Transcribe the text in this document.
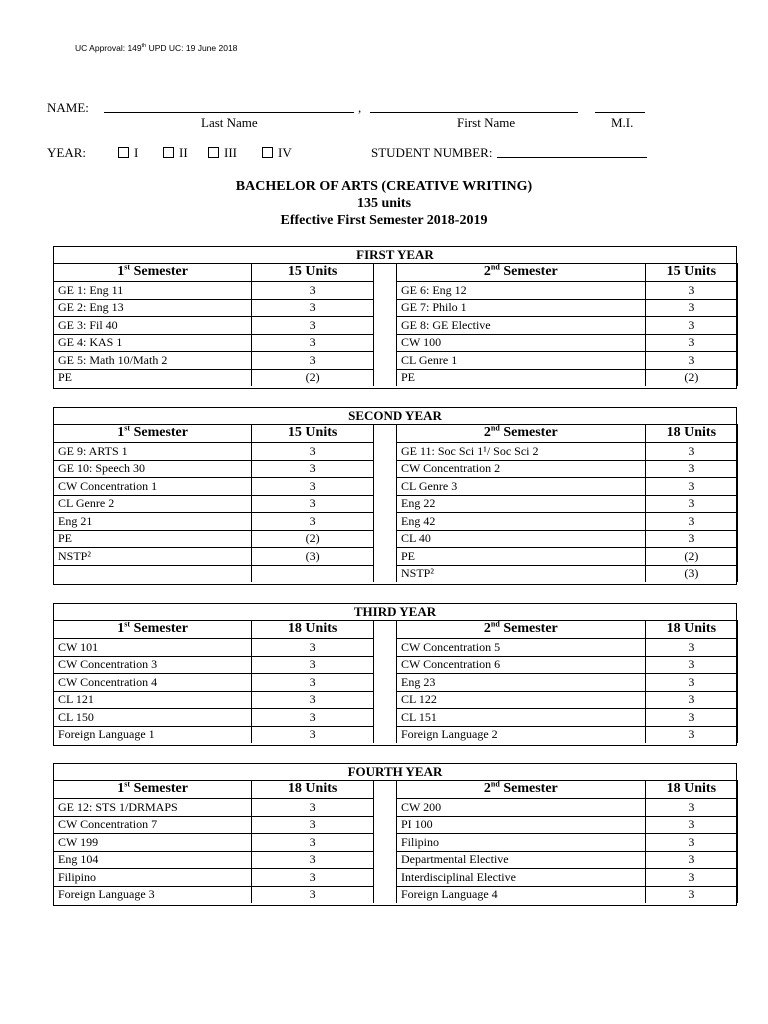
UC Approval: 149th UPD UC: 19 June 2018
NAME:	,
Last Name	First Name	M.I.
YEAR:	I	II	III	IV	STUDENT NUMBER:
BACHELOR OF ARTS (CREATIVE WRITING)
135 units
Effective First Semester 2018-2019
FIRST YEAR
1st Semester	15 Units
GE 1: Eng 11	3
GE 2: Eng 13	3
GE 3: Fil 40	3
GE 4: KAS 1	3
GE 5: Math 10/Math 2	3
PE	(2)
2nd Semester	15 Units
GE 6: Eng 12	3
GE 7: Philo 1	3
GE 8: GE Elective	3
CW 100	3
CL Genre 1	3
PE	(2)
SECOND YEAR
1st Semester	15 Units
GE 9: ARTS 1	3
GE 10: Speech 30	3
CW Concentration 1	3
CL Genre 2	3
Eng 21	3
PE	(2)
NSTP²	(3)

2nd Semester	18 Units
GE 11: Soc Sci 1¹/ Soc Sci 2	3
CW Concentration 2	3
CL Genre 3	3
Eng 22	3
Eng 42	3
CL 40	3
PE	(2)
NSTP²	(3)
THIRD YEAR
1st Semester	18 Units
CW 101	3
CW Concentration 3	3
CW Concentration 4	3
CL 121	3
CL 150	3
Foreign Language 1	3
2nd Semester	18 Units
CW Concentration 5	3
CW Concentration 6	3
Eng 23	3
CL 122	3
CL 151	3
Foreign Language 2	3
FOURTH YEAR
1st Semester	18 Units
GE 12: STS 1/DRMAPS	3
CW Concentration 7	3
CW 199	3
Eng 104	3
Filipino	3
Foreign Language 3	3
2nd Semester	18 Units
CW 200	3
PI 100	3
Filipino	3
Departmental Elective	3
Interdisciplinal Elective	3
Foreign Language 4	3
